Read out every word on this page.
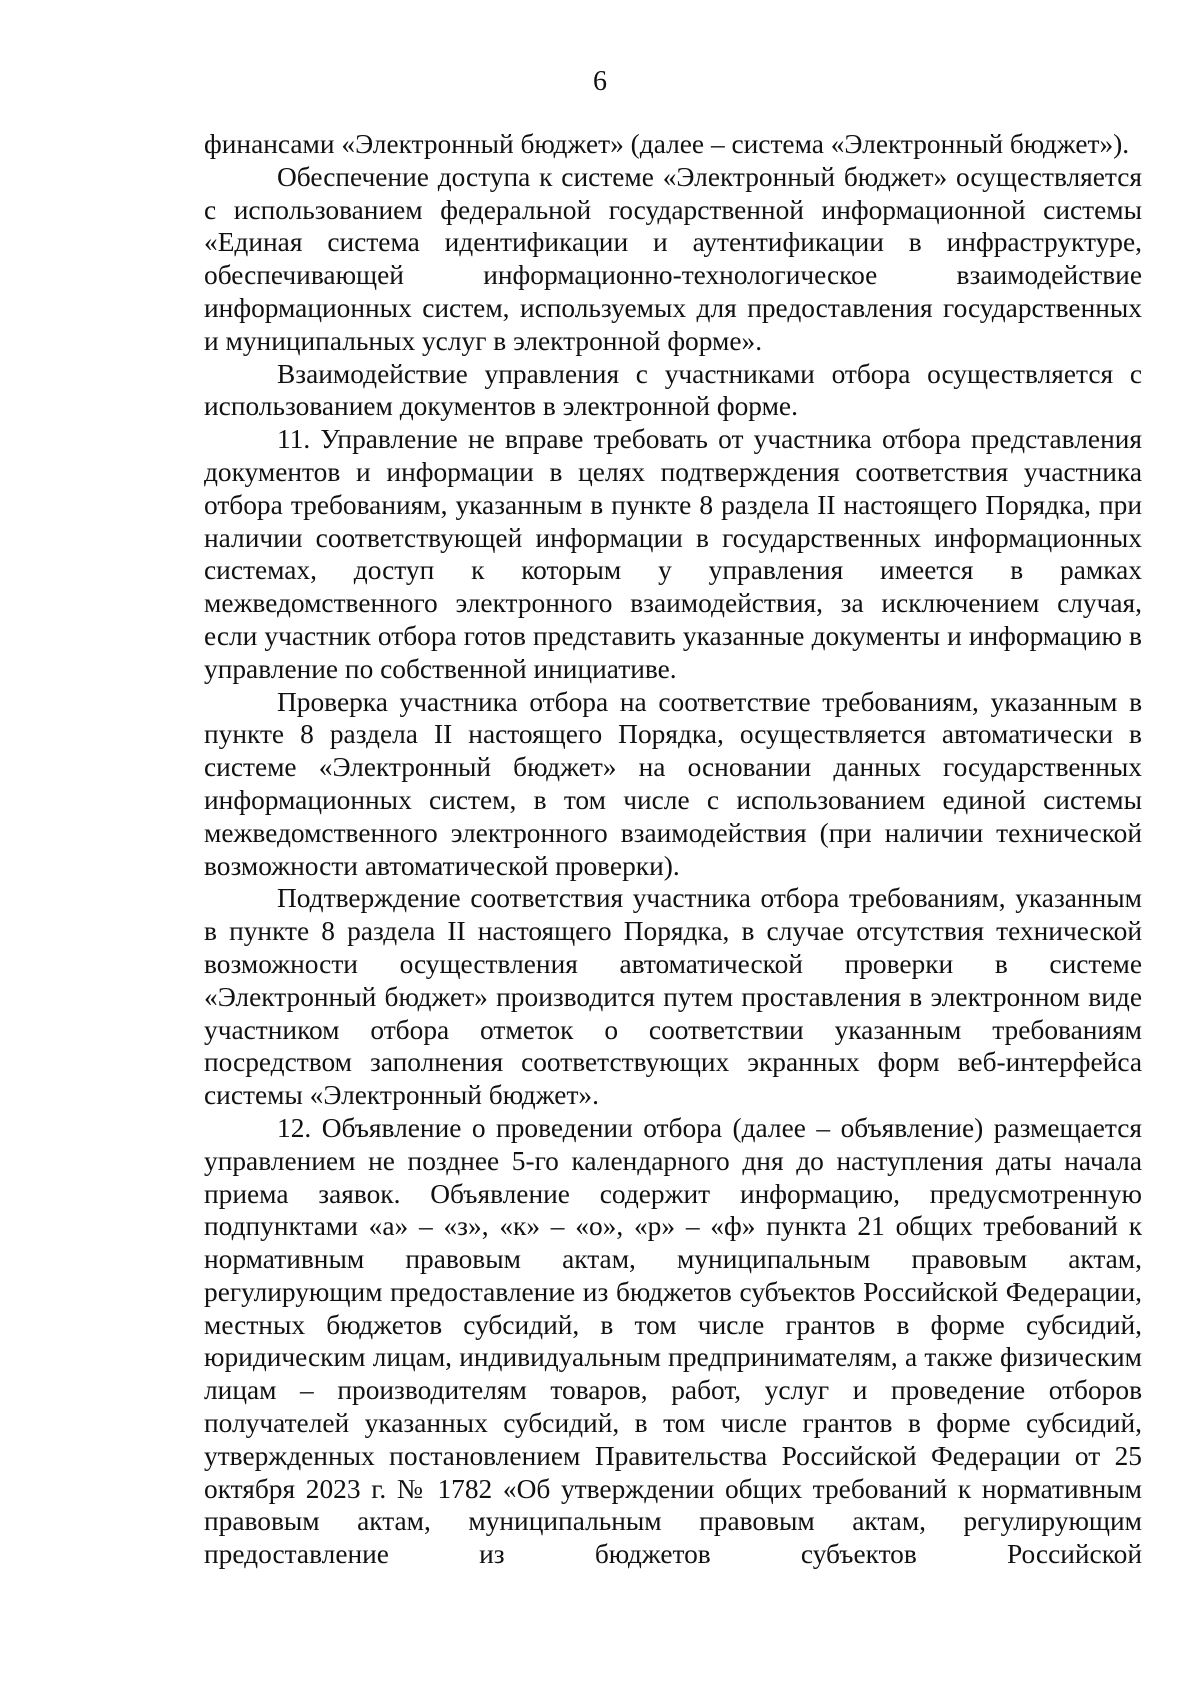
6

финансами «Электронный бюджет» (далее – система «Электронный бюджет»).

Обеспечение доступа к системе «Электронный бюджет» осуществляется с использованием федеральной государственной информационной системы «Единая система идентификации и аутентификации в инфраструктуре, обеспечивающей информационно-технологическое взаимодействие информационных систем, используемых для предоставления государственных и муниципальных услуг в электронной форме».

Взаимодействие управления с участниками отбора осуществляется с использованием документов в электронной форме.

11. Управление не вправе требовать от участника отбора представления документов и информации в целях подтверждения соответствия участника отбора требованиям, указанным в пункте 8 раздела II настоящего Порядка, при наличии соответствующей информации в государственных информационных системах, доступ к которым у управления имеется в рамках межведомственного электронного взаимодействия, за исключением случая, если участник отбора готов представить указанные документы и информацию в управление по собственной инициативе.

Проверка участника отбора на соответствие требованиям, указанным в пункте 8 раздела II настоящего Порядка, осуществляется автоматически в системе «Электронный бюджет» на основании данных государственных информационных систем, в том числе с использованием единой системы межведомственного электронного взаимодействия (при наличии технической возможности автоматической проверки).

Подтверждение соответствия участника отбора требованиям, указанным в пункте 8 раздела II настоящего Порядка, в случае отсутствия технической возможности осуществления автоматической проверки в системе «Электронный бюджет» производится путем проставления в электронном виде участником отбора отметок о соответствии указанным требованиям посредством заполнения соответствующих экранных форм веб-интерфейса системы «Электронный бюджет».

12. Объявление о проведении отбора (далее – объявление) размещается управлением не позднее 5-го календарного дня до наступления даты начала приема заявок. Объявление содержит информацию, предусмотренную подпунктами «а» – «з», «к» – «о», «р» – «ф» пункта 21 общих требований к нормативным правовым актам, муниципальным правовым актам, регулирующим предоставление из бюджетов субъектов Российской Федерации, местных бюджетов субсидий, в том числе грантов в форме субсидий, юридическим лицам, индивидуальным предпринимателям, а также физическим лицам – производителям товаров, работ, услуг и проведение отборов получателей указанных субсидий, в том числе грантов в форме субсидий, утвержденных постановлением Правительства Российской Федерации от 25 октября 2023 г. № 1782 «Об утверждении общих требований к нормативным правовым актам, муниципальным правовым актам, регулирующим предоставление из бюджетов субъектов Российской
